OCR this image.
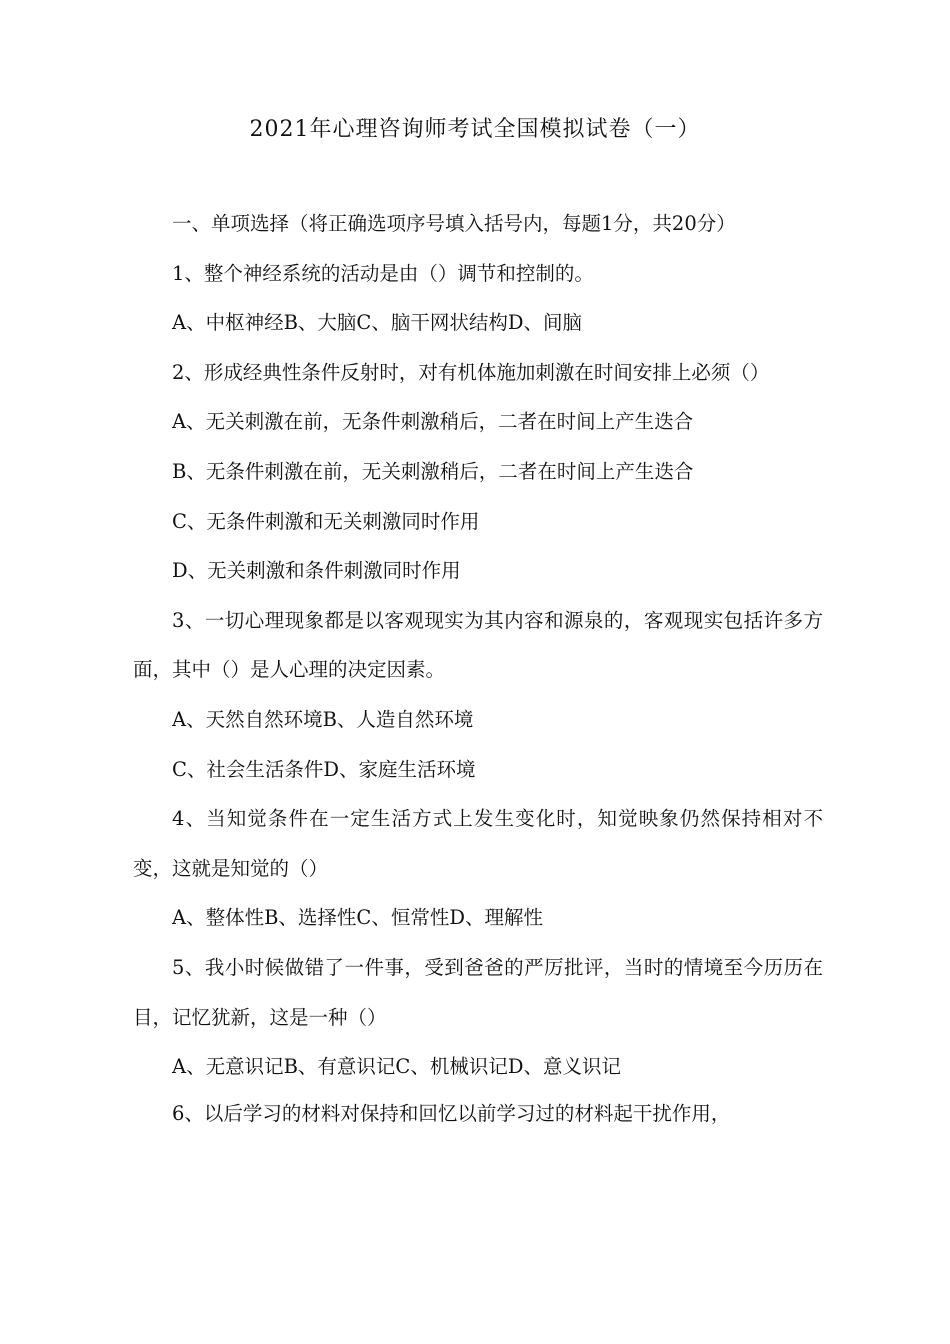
2021年心理咨询师考试全国模拟试卷（一）

一、单项选择（将正确选项序号填入括号内，每题1分，共20分）

1、整个神经系统的活动是由（）调节和控制的。

A、中枢神经B、大脑C、脑干网状结构D、间脑

2、形成经典性条件反射时，对有机体施加刺激在时间安排上必须（）

A、无关刺激在前，无条件刺激稍后，二者在时间上产生迭合

B、无条件刺激在前，无关刺激稍后，二者在时间上产生迭合

C、无条件刺激和无关刺激同时作用

D、无关刺激和条件刺激同时作用

3、一切心理现象都是以客观现实为其内容和源泉的，客观现实包括许多方面，其中（）是人心理的决定因素。

A、天然自然环境B、人造自然环境

C、社会生活条件D、家庭生活环境

4、当知觉条件在一定生活方式上发生变化时，知觉映象仍然保持相对不变，这就是知觉的（）

A、整体性B、选择性C、恒常性D、理解性

5、我小时候做错了一件事，受到爸爸的严厉批评，当时的情境至今历历在目，记忆犹新，这是一种（）

A、无意识记B、有意识记C、机械识记D、意义识记

6、以后学习的材料对保持和回忆以前学习过的材料起干扰作用，
